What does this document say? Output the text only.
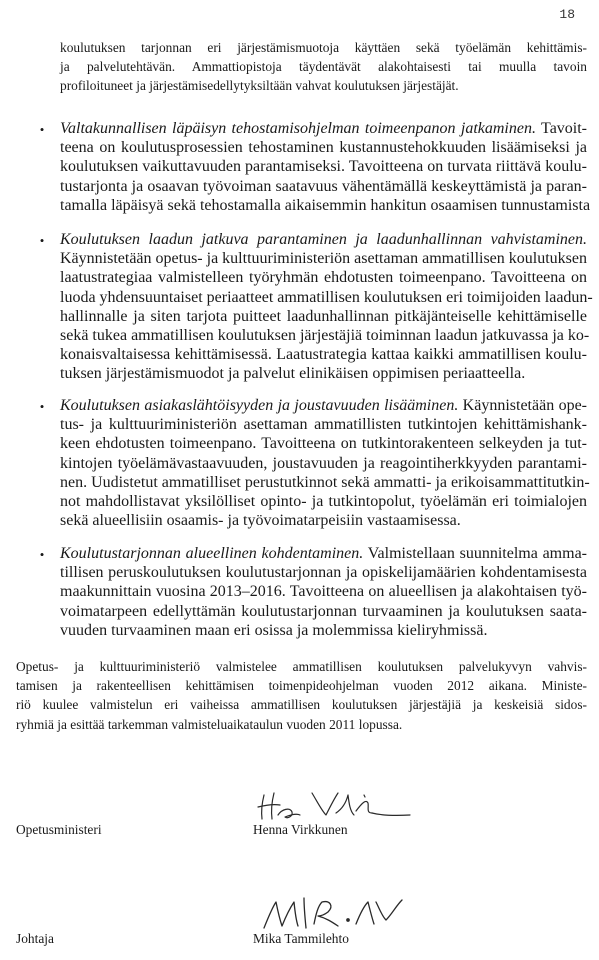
18
koulutuksen tarjonnan eri järjestämismuotoja käyttäen sekä työelämän kehittämis-
ja palvelutehtävän. Ammattiopistoja täydentävät alakohtaisesti tai muulla tavoin
profiloituneet ja järjestämisedellytyksiltään vahvat koulutuksen järjestäjät.
• Valtakunnallisen läpäisyn tehostamisohjelman toimeenpanon jatkaminen. Tavoit-
teena on koulutusprosessien tehostaminen kustannustehokkuuden lisäämiseksi ja
koulutuksen vaikuttavuuden parantamiseksi. Tavoitteena on turvata riittävä koulu-
tustarjonta ja osaavan työvoiman saatavuus vähentämällä keskeyttämistä ja paran-
tamalla läpäisyä sekä tehostamalla aikaisemmin hankitun osaamisen tunnustamista
• Koulutuksen laadun jatkuva parantaminen ja laadunhallinnan vahvistaminen.
Käynnistetään opetus- ja kulttuuriministeriön asettaman ammatillisen koulutuksen
laatustrategiaa valmistelleen työryhmän ehdotusten toimeenpano. Tavoitteena on
luoda yhdensuuntaiset periaatteet ammatillisen koulutuksen eri toimijoiden laadun-
hallinnalle ja siten tarjota puitteet laadunhallinnan pitkäjänteiselle kehittämiselle
sekä tukea ammatillisen koulutuksen järjestäjiä toiminnan laadun jatkuvassa ja ko-
konaisvaltaisessa kehittämisessä. Laatustrategia kattaa kaikki ammatillisen koulu-
tuksen järjestämismuodot ja palvelut elinikäisen oppimisen periaatteella.
• Koulutuksen asiakaslähtöisyyden ja joustavuuden lisääminen. Käynnistetään ope-
tus- ja kulttuuriministeriön asettaman ammatillisten tutkintojen kehittämishank-
keen ehdotusten toimeenpano. Tavoitteena on tutkintorakenteen selkeyden ja tut-
kintojen työelämävastaavuuden, joustavuuden ja reagointiherkkyyden parantami-
nen. Uudistetut ammatilliset perustutkinnot sekä ammatti- ja erikoisammattitutkin-
not mahdollistavat yksilölliset opinto- ja tutkintopolut, työelämän eri toimialojen
sekä alueellisiin osaamis- ja työvoimatarpeisiin vastaamisessa.
• Koulutustarjonnan alueellinen kohdentaminen. Valmistellaan suunnitelma amma-
tillisen peruskoulutuksen koulutustarjonnan ja opiskelijamäärien kohdentamisesta
maakunnittain vuosina 2013–2016. Tavoitteena on alueellisen ja alakohtaisen työ-
voimatarpeen edellyttämän koulutustarjonnan turvaaminen ja koulutuksen saata-
vuuden turvaaminen maan eri osissa ja molemmissa kieliryhmissä.
Opetus- ja kulttuuriministeriö valmistelee ammatillisen koulutuksen palvelukyvyn vahvis-
tamisen ja rakenteellisen kehittämisen toimenpideohjelman vuoden 2012 aikana. Ministe-
riö kuulee valmistelun eri vaiheissa ammatillisen koulutuksen järjestäjiä ja keskeisiä sidos-
ryhmiä ja esittää tarkemman valmisteluaikataulun vuoden 2011 lopussa.
Opetusministeri	Henna Virkkunen
Johtaja	Mika Tammilehto
